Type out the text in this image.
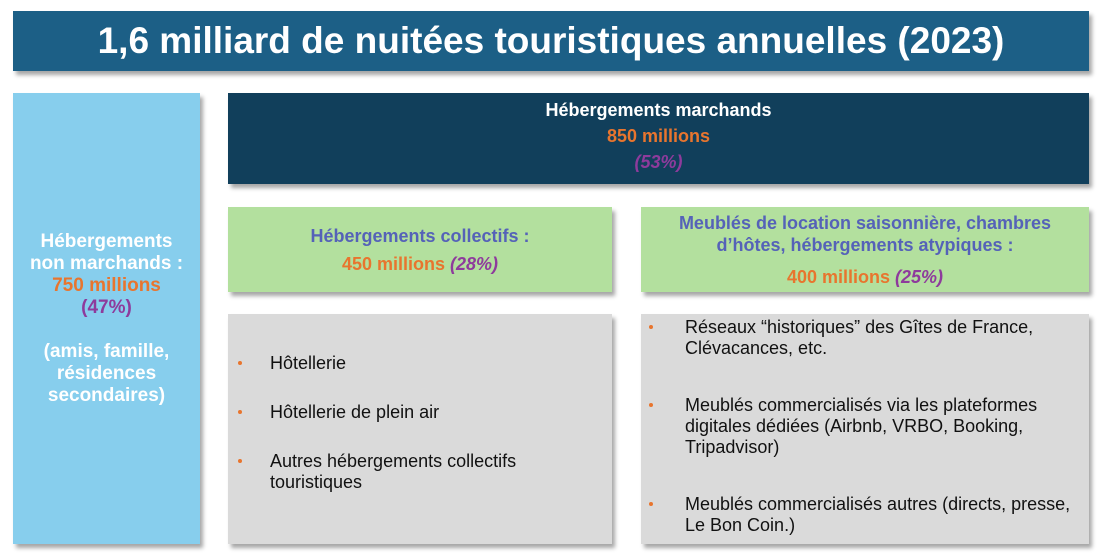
1,6 milliard de nuitées touristiques annuelles (2023)
Hébergements
non marchands :
750 millions
(47%)
(amis, famille,
résidences
secondaires)
Hébergements marchands
850 millions
(53%)
Hébergements collectifs :
450 millions (28%)
Meublés de location saisonnière, chambres
d’hôtes, hébergements atypiques :
400 millions (25%)
Hôtellerie
Hôtellerie de plein air
Autres hébergements collectifs touristiques
Réseaux “historiques” des Gîtes de France, Clévacances, etc.
Meublés commercialisés via les plateformes digitales dédiées (Airbnb, VRBO, Booking, Tripadvisor)
Meublés commercialisés autres (directs, presse, Le Bon Coin.)
